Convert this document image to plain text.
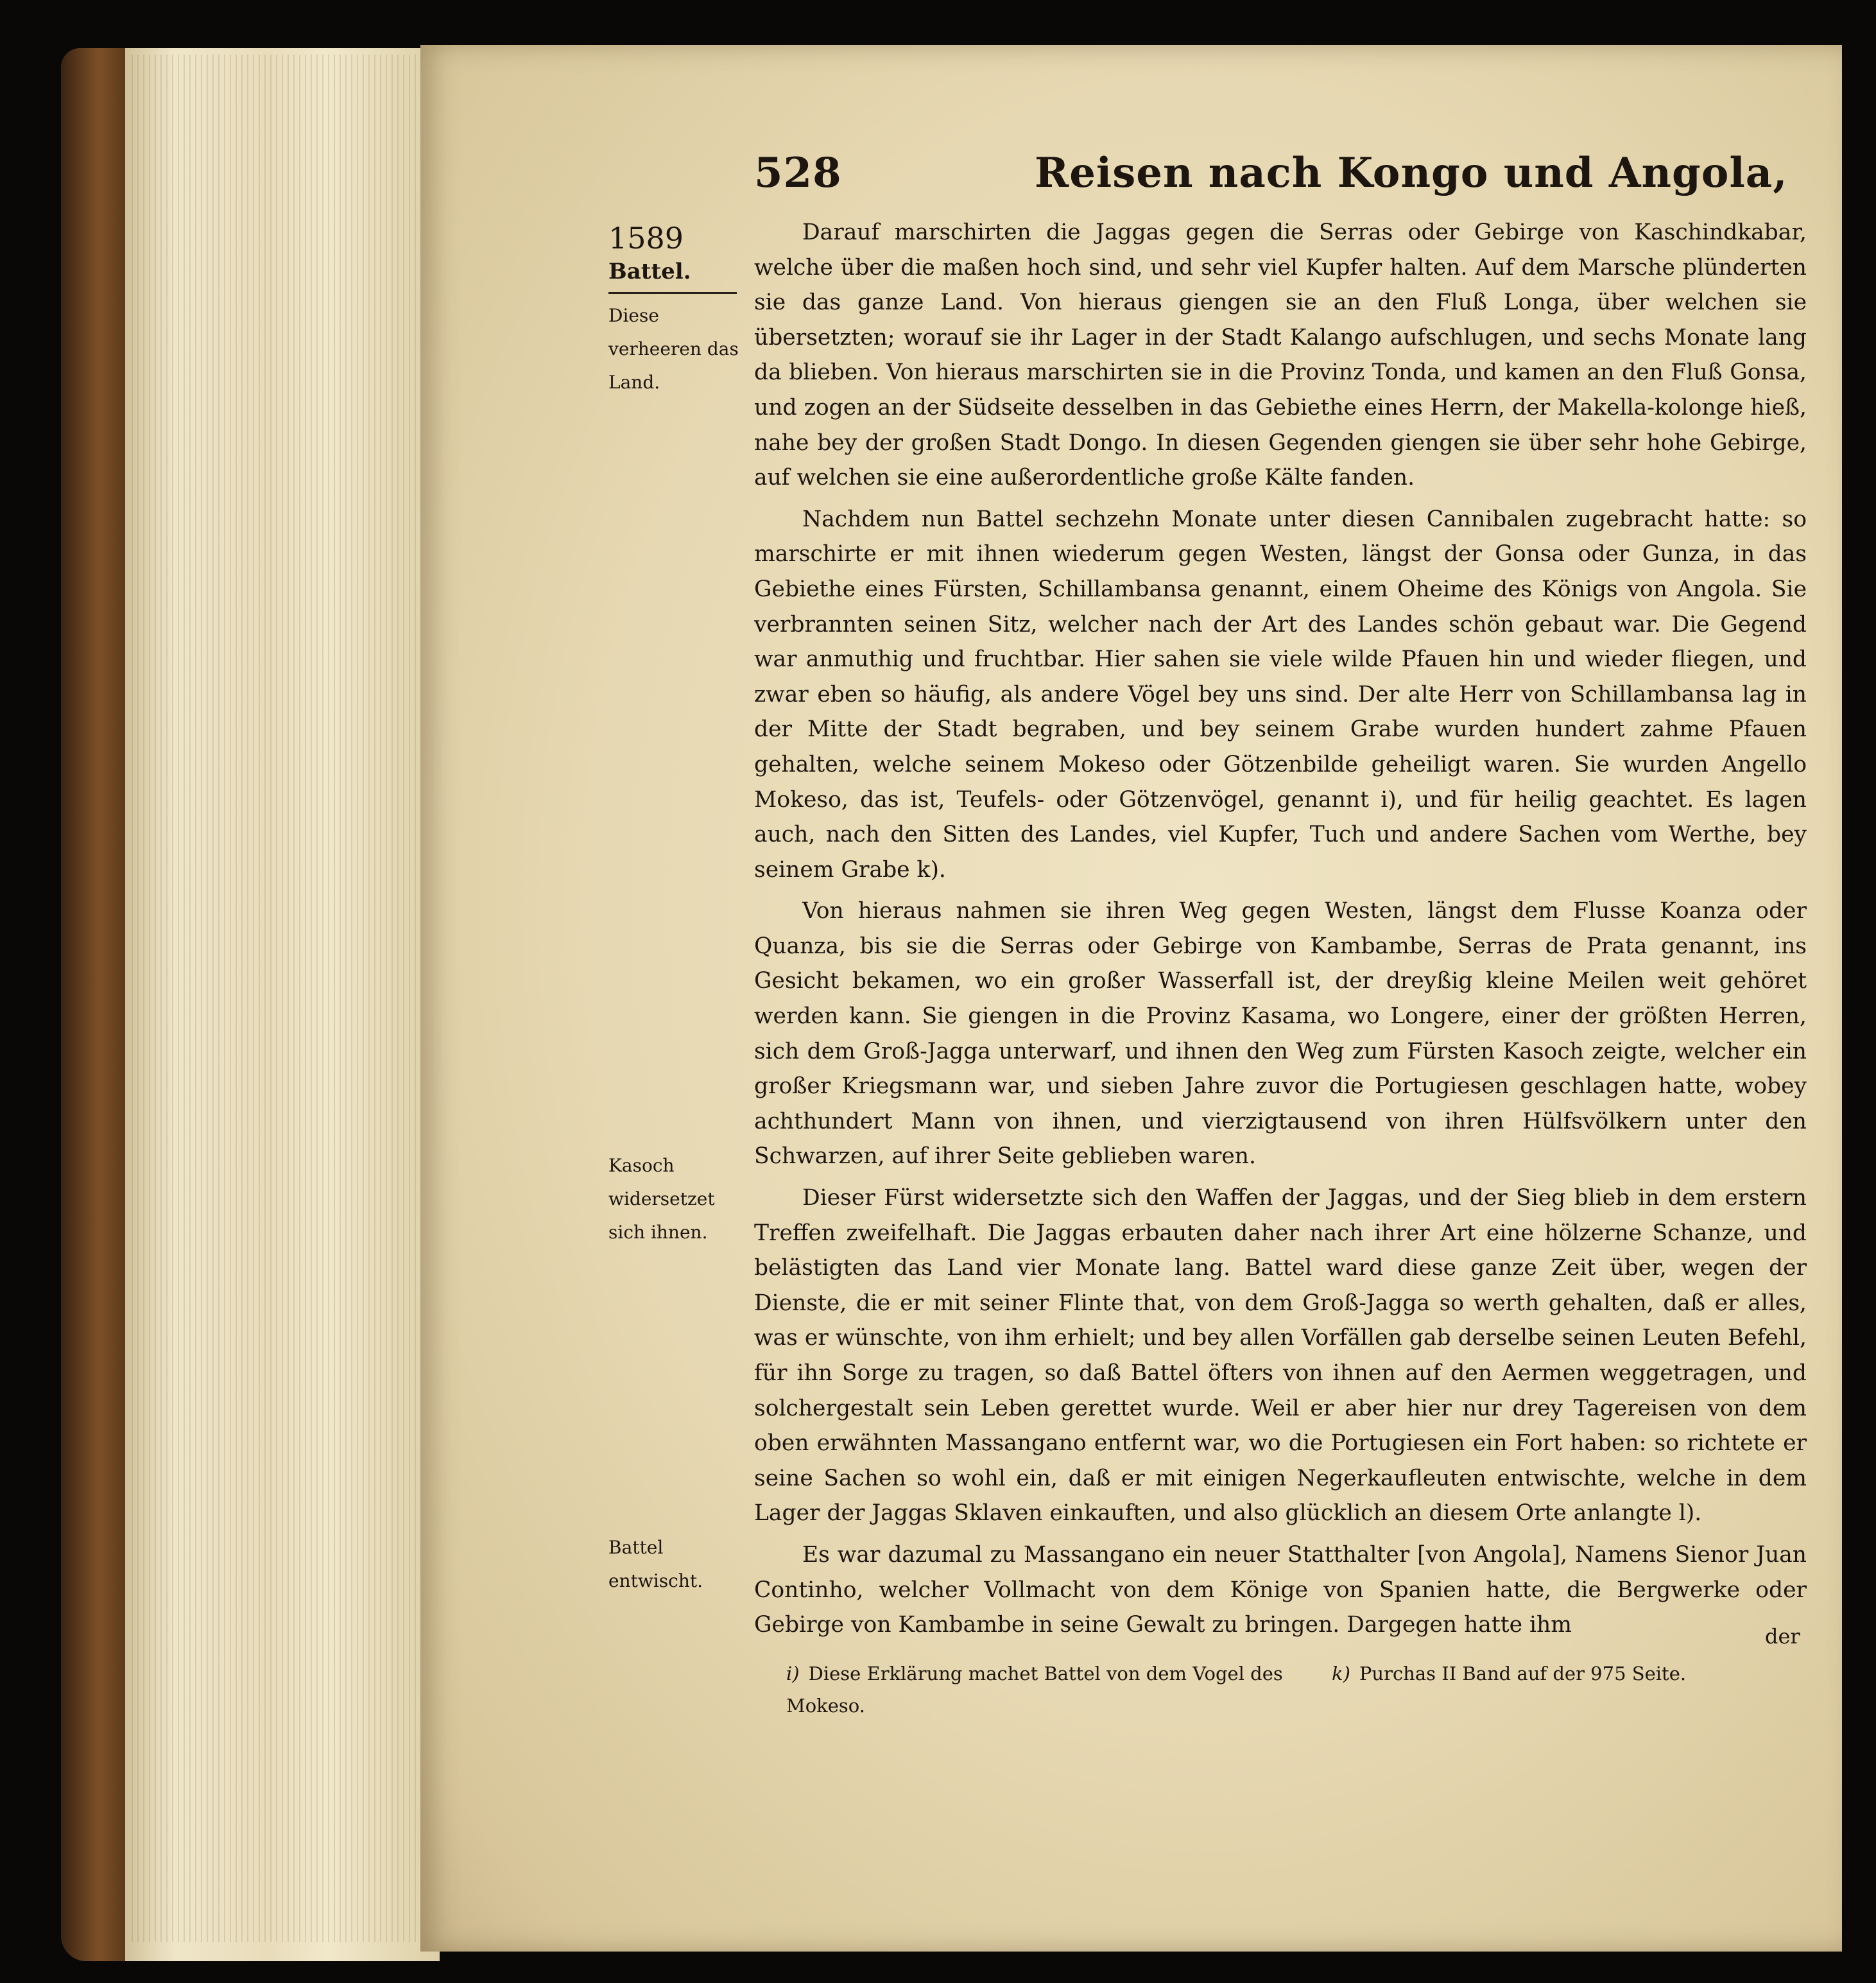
528	Reisen nach Kongo und Angola,
1589
Battel.
Diese verheeren das Land.
Kasoch widersetzet sich ihnen.
Battel entwischt.

Darauf marschirten die Jaggas gegen die Serras oder Gebirge von Kaschindkabar, welche über die maßen hoch sind, und sehr viel Kupfer halten. Auf dem Marsche plünderten sie das ganze Land. Von hieraus giengen sie an den Fluß Longa, über welchen sie übersetzten; worauf sie ihr Lager in der Stadt Kalango aufschlugen, und sechs Monate lang da blieben. Von hieraus marschirten sie in die Provinz Tonda, und kamen an den Fluß Gonsa, und zogen an der Südseite desselben in das Gebiethe eines Herrn, der Makella-kolonge hieß, nahe bey der großen Stadt Dongo. In diesen Gegenden giengen sie über sehr hohe Gebirge, auf welchen sie eine außerordentliche große Kälte fanden.

Nachdem nun Battel sechzehn Monate unter diesen Cannibalen zugebracht hatte: so marschirte er mit ihnen wiederum gegen Westen, längst der Gonsa oder Gunza, in das Gebiethe eines Fürsten, Schillambansa genannt, einem Oheime des Königs von Angola. Sie verbrannten seinen Sitz, welcher nach der Art des Landes schön gebaut war. Die Gegend war anmuthig und fruchtbar. Hier sahen sie viele wilde Pfauen hin und wieder fliegen, und zwar eben so häufig, als andere Vögel bey uns sind. Der alte Herr von Schillambansa lag in der Mitte der Stadt begraben, und bey seinem Grabe wurden hundert zahme Pfauen gehalten, welche seinem Mokeso oder Götzenbilde geheiligt waren. Sie wurden Angello Mokeso, das ist, Teufels- oder Götzenvögel, genannt i), und für heilig geachtet. Es lagen auch, nach den Sitten des Landes, viel Kupfer, Tuch und andere Sachen vom Werthe, bey seinem Grabe k).

Von hieraus nahmen sie ihren Weg gegen Westen, längst dem Flusse Koanza oder Quanza, bis sie die Serras oder Gebirge von Kambambe, Serras de Prata genannt, ins Gesicht bekamen, wo ein großer Wasserfall ist, der dreyßig kleine Meilen weit gehöret werden kann. Sie giengen in die Provinz Kasama, wo Longere, einer der größten Herren, sich dem Groß-Jagga unterwarf, und ihnen den Weg zum Fürsten Kasoch zeigte, welcher ein großer Kriegsmann war, und sieben Jahre zuvor die Portugiesen geschlagen hatte, wobey achthundert Mann von ihnen, und vierzigtausend von ihren Hülfsvölkern unter den Schwarzen, auf ihrer Seite geblieben waren.

Dieser Fürst widersetzte sich den Waffen der Jaggas, und der Sieg blieb in dem erstern Treffen zweifelhaft. Die Jaggas erbauten daher nach ihrer Art eine hölzerne Schanze, und belästigten das Land vier Monate lang. Battel ward diese ganze Zeit über, wegen der Dienste, die er mit seiner Flinte that, von dem Groß-Jagga so werth gehalten, daß er alles, was er wünschte, von ihm erhielt; und bey allen Vorfällen gab derselbe seinen Leuten Befehl, für ihn Sorge zu tragen, so daß Battel öfters von ihnen auf den Aermen weggetragen, und solchergestalt sein Leben gerettet wurde. Weil er aber hier nur drey Tagereisen von dem oben erwähnten Massangano entfernt war, wo die Portugiesen ein Fort haben: so richtete er seine Sachen so wohl ein, daß er mit einigen Negerkaufleuten entwischte, welche in dem Lager der Jaggas Sklaven einkauften, und also glücklich an diesem Orte anlangte l).

Es war dazumal zu Massangano ein neuer Statthalter [von Angola], Namens Sienor Juan Continho, welcher Vollmacht von dem Könige von Spanien hatte, die Bergwerke oder Gebirge von Kambambe in seine Gewalt zu bringen. Dargegen hatte ihm	der
i) Diese Erklärung machet Battel von dem Vogel des Mokeso.
k) Purchas II Band auf der 975 Seite.
